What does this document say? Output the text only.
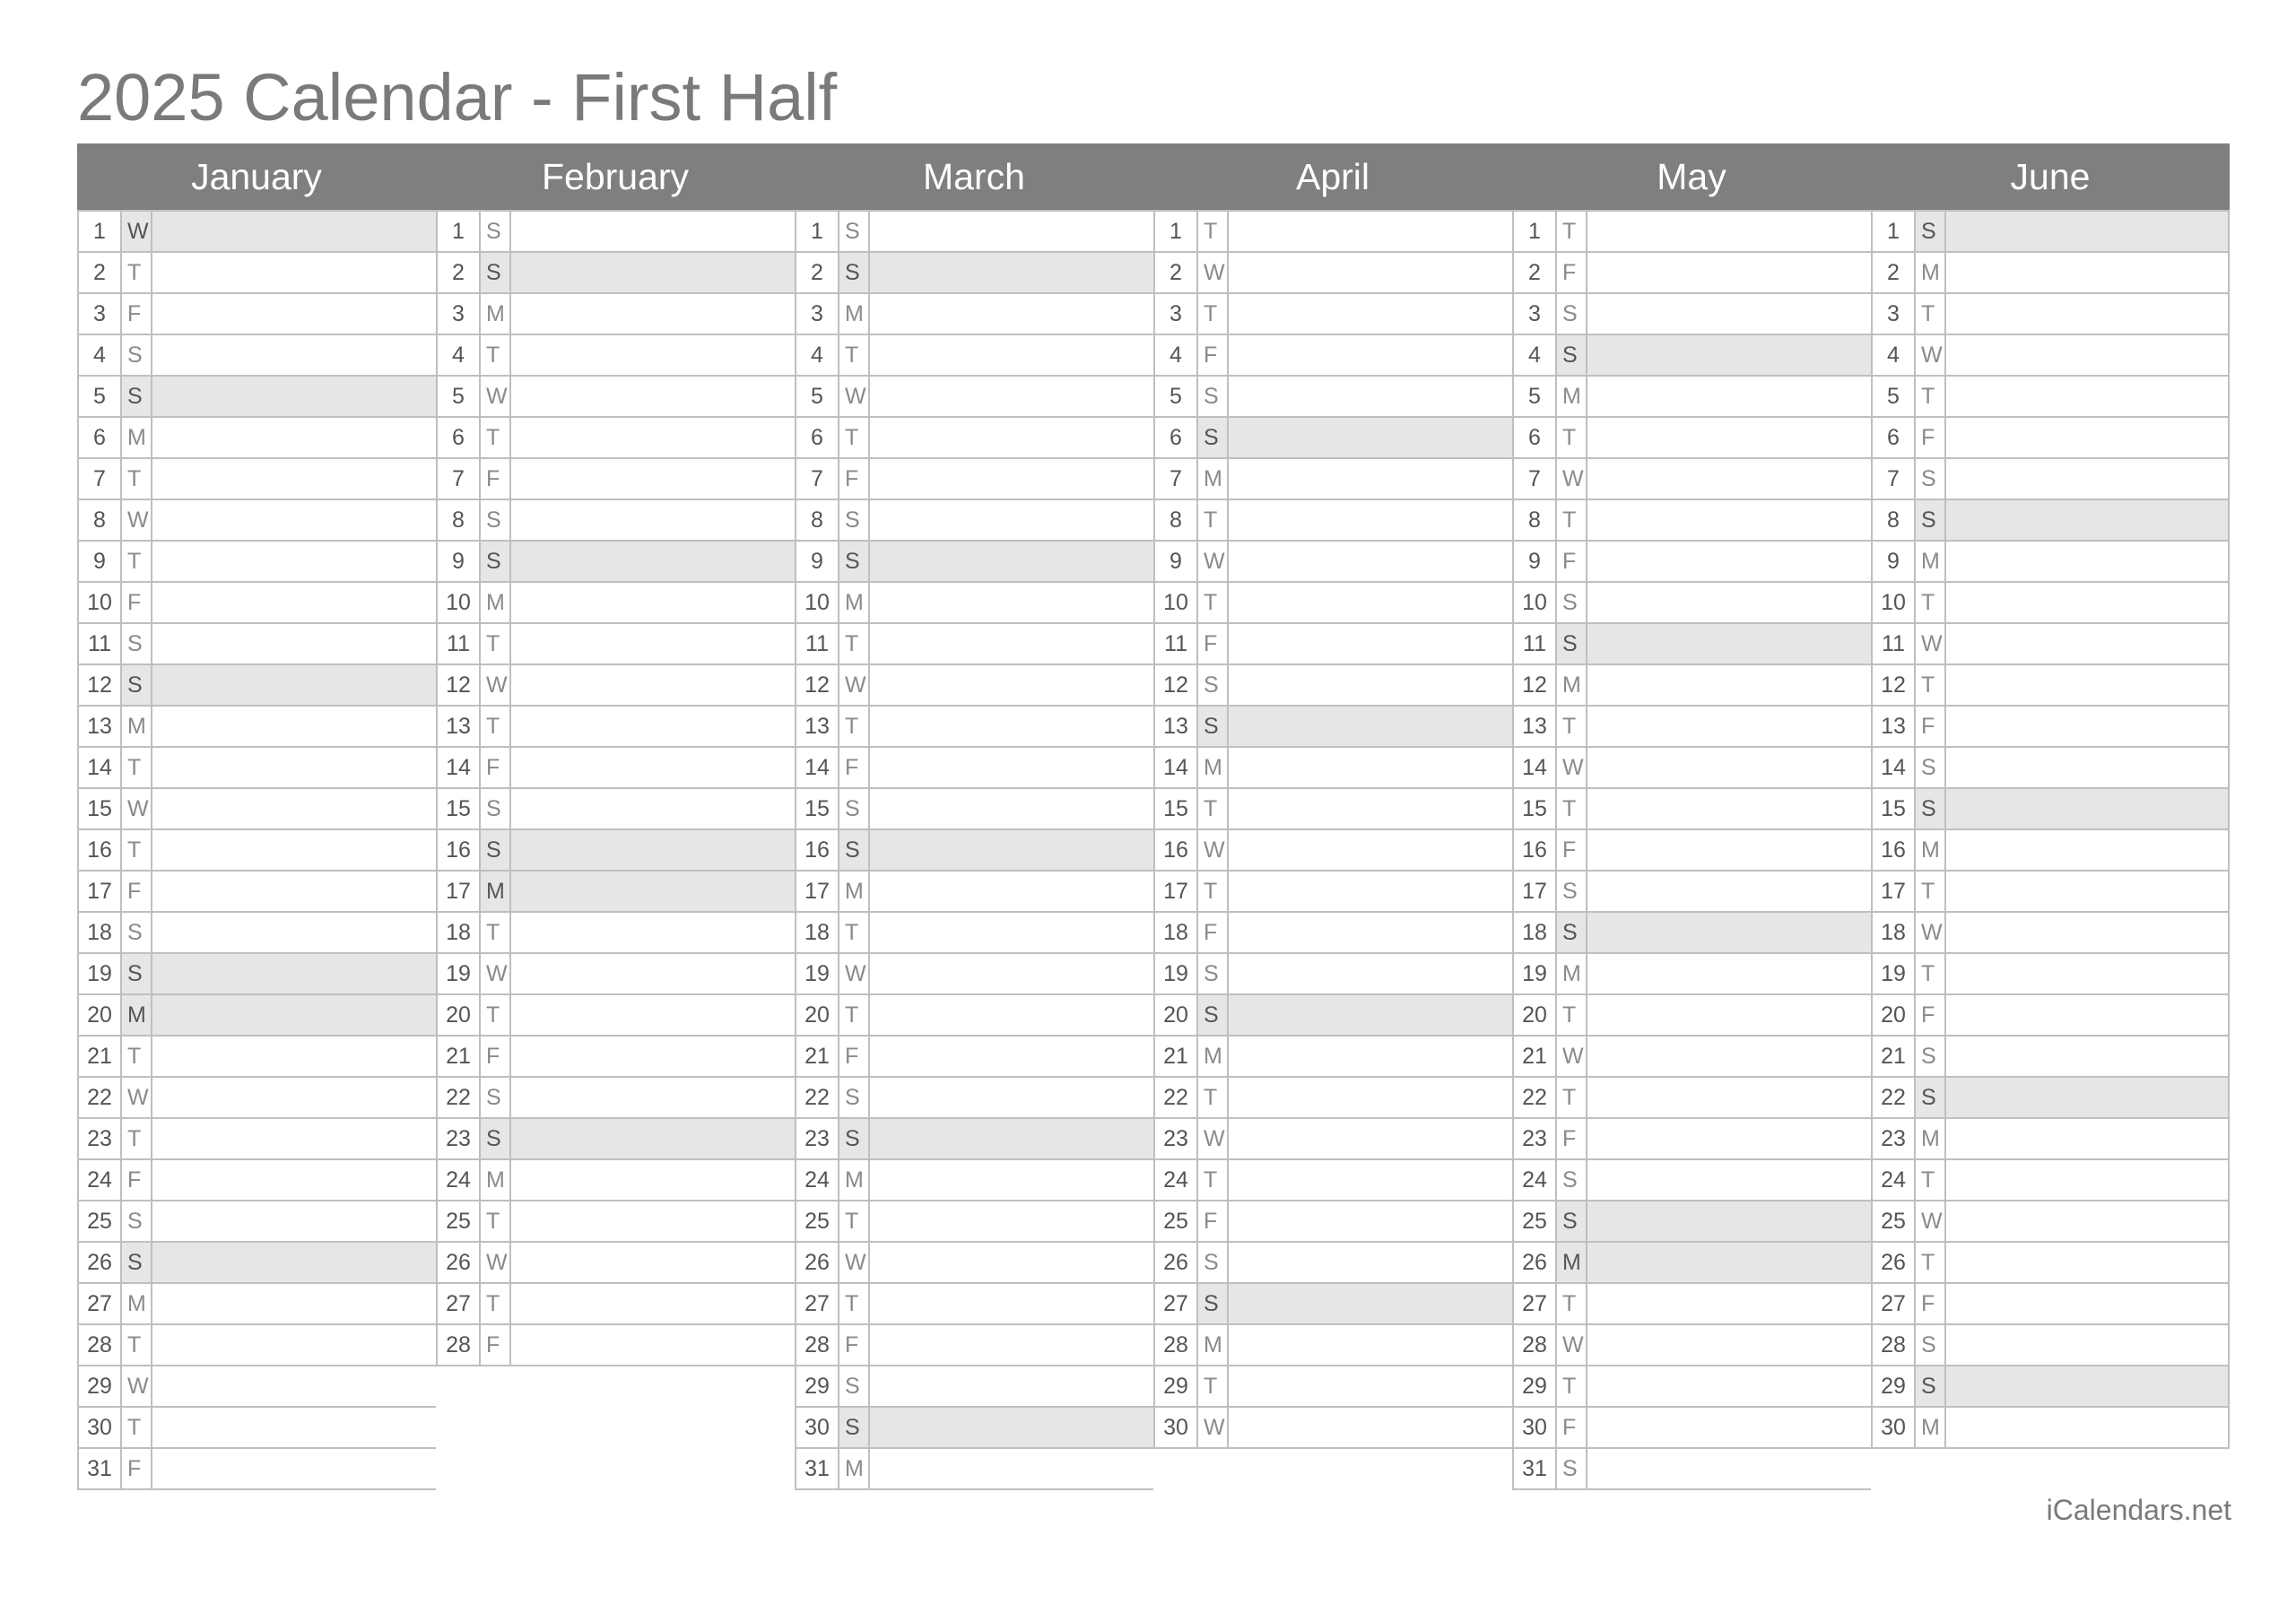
2025 Calendar - First Half
January
1 W
2 T
3 F
4 S
5 S
6 M
7 T
8 W
9 T
10 F
11 S
12 S
13 M
14 T
15 W
16 T
17 F
18 S
19 S
20 M
21 T
22 W
23 T
24 F
25 S
26 S
27 M
28 T
29 W
30 T
31 F
February
1 S
2 S
3 M
4 T
5 W
6 T
7 F
8 S
9 S
10 M
11 T
12 W
13 T
14 F
15 S
16 S
17 M
18 T
19 W
20 T
21 F
22 S
23 S
24 M
25 T
26 W
27 T
28 F
March
1 S
2 S
3 M
4 T
5 W
6 T
7 F
8 S
9 S
10 M
11 T
12 W
13 T
14 F
15 S
16 S
17 M
18 T
19 W
20 T
21 F
22 S
23 S
24 M
25 T
26 W
27 T
28 F
29 S
30 S
31 M
April
1 T
2 W
3 T
4 F
5 S
6 S
7 M
8 T
9 W
10 T
11 F
12 S
13 S
14 M
15 T
16 W
17 T
18 F
19 S
20 S
21 M
22 T
23 W
24 T
25 F
26 S
27 S
28 M
29 T
30 W
May
1 T
2 F
3 S
4 S
5 M
6 T
7 W
8 T
9 F
10 S
11 S
12 M
13 T
14 W
15 T
16 F
17 S
18 S
19 M
20 T
21 W
22 T
23 F
24 S
25 S
26 M
27 T
28 W
29 T
30 F
31 S
June
1 S
2 M
3 T
4 W
5 T
6 F
7 S
8 S
9 M
10 T
11 W
12 T
13 F
14 S
15 S
16 M
17 T
18 W
19 T
20 F
21 S
22 S
23 M
24 T
25 W
26 T
27 F
28 S
29 S
30 M
iCalendars.net
